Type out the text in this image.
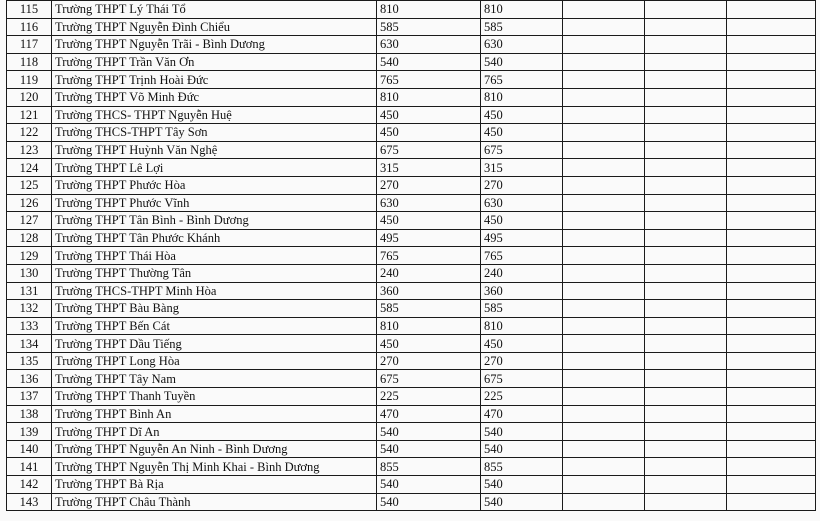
115	Trường THPT Lý Thái Tổ	810	810			
116	Trường THPT Nguyễn Đình Chiểu	585	585			
117	Trường THPT Nguyễn Trãi - Bình Dương	630	630			
118	Trường THPT Trần Văn Ơn	540	540			
119	Trường THPT Trịnh Hoài Đức	765	765			
120	Trường THPT Võ Minh Đức	810	810			
121	Trường THCS- THPT Nguyễn Huệ	450	450			
122	Trường THCS-THPT Tây Sơn	450	450			
123	Trường THPT Huỳnh Văn Nghệ	675	675			
124	Trường THPT Lê Lợi	315	315			
125	Trường THPT Phước Hòa	270	270			
126	Trường THPT Phước Vĩnh	630	630			
127	Trường THPT Tân Bình - Bình Dương	450	450			
128	Trường THPT Tân Phước Khánh	495	495			
129	Trường THPT Thái Hòa	765	765			
130	Trường THPT Thường Tân	240	240			
131	Trường THCS-THPT Minh Hòa	360	360			
132	Trường THPT Bàu Bàng	585	585			
133	Trường THPT Bến Cát	810	810			
134	Trường THPT Dầu Tiếng	450	450			
135	Trường THPT Long Hòa	270	270			
136	Trường THPT Tây Nam	675	675			
137	Trường THPT Thanh Tuyền	225	225			
138	Trường THPT Bình An	470	470			
139	Trường THPT Dĩ An	540	540			
140	Trường THPT Nguyễn An Ninh - Bình Dương	540	540			
141	Trường THPT Nguyễn Thị Minh Khai - Bình Dương	855	855			
142	Trường THPT Bà Rịa	540	540			
143	Trường THPT Châu Thành	540	540			
